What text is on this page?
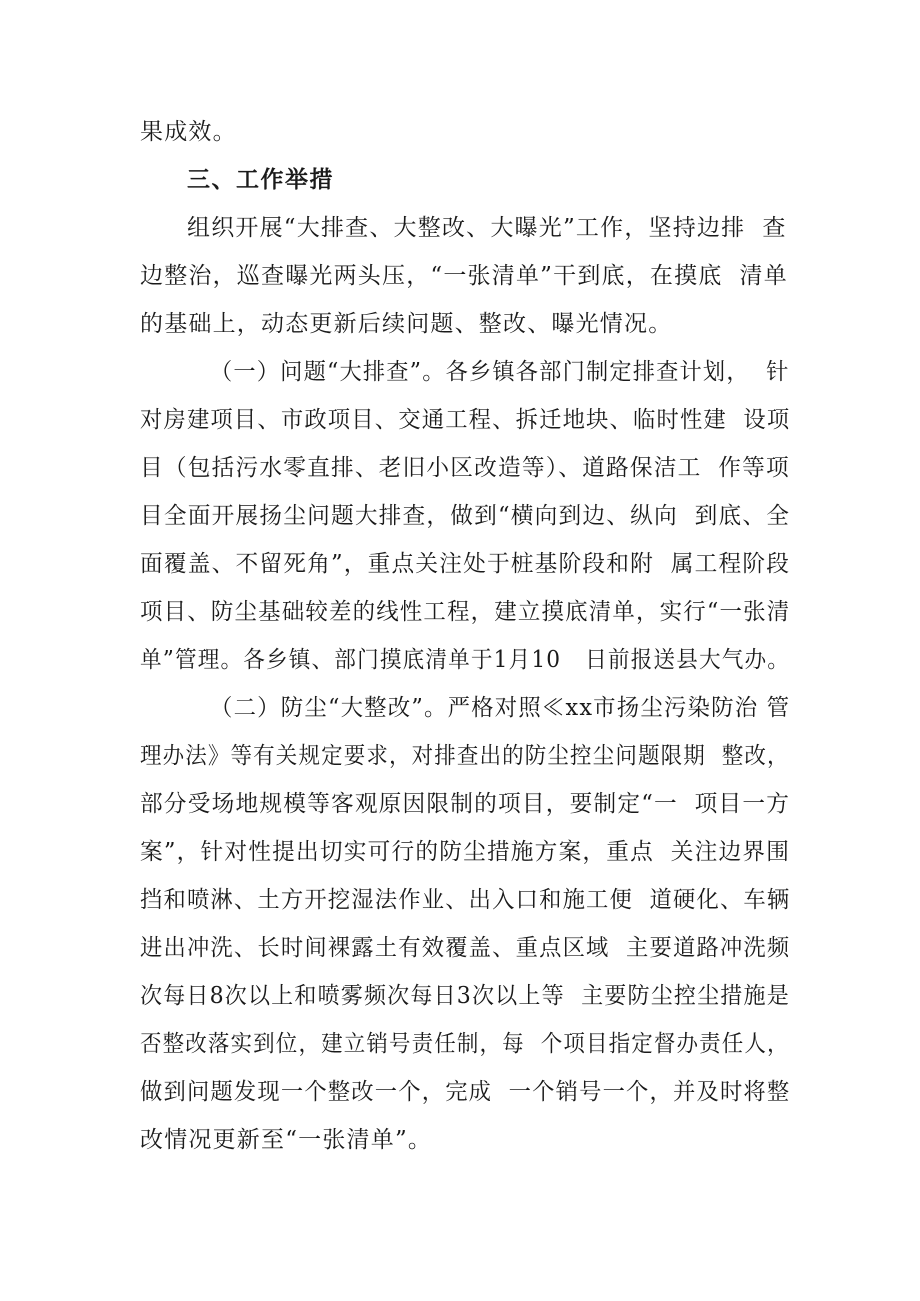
果成效。
三、工作举措
组织开展“大排查、大整改、大曝光”工作，坚持边排  查
边整治，巡查曝光两头压，“一张清单”干到底，在摸底  清单
的基础上，动态更新后续问题、整改、曝光情况。
（一）问题“大排查”。各乡镇各部门制定排查计划，  针
对房建项目、市政项目、交通工程、拆迁地块、临时性建  设项
目（包括污水零直排、老旧小区改造等）、道路保洁工  作等项
目全面开展扬尘问题大排查，做到“横向到边、纵向  到底、全
面覆盖、不留死角”，重点关注处于桩基阶段和附  属工程阶段
项目、防尘基础较差的线性工程，建立摸底清单，实行“一张清
单”管理。各乡镇、部门摸底清单于1月10   日前报送县大气办。
（二）防尘“大整改”。严格对照≪xx市扬尘污染防治 管
理办法》等有关规定要求，对排查出的防尘控尘问题限期  整改，
部分受场地规模等客观原因限制的项目，要制定“一  项目一方
案”，针对性提出切实可行的防尘措施方案，重点  关注边界围
挡和喷淋、土方开挖湿法作业、出入口和施工便  道硬化、车辆
进出冲洗、长时间裸露土有效覆盖、重点区域  主要道路冲洗频
次每日8次以上和喷雾频次每日3次以上等  主要防尘控尘措施是
否整改落实到位，建立销号责任制，每  个项目指定督办责任人，
做到问题发现一个整改一个，完成  一个销号一个，并及时将整
改情况更新至“一张清单”。
